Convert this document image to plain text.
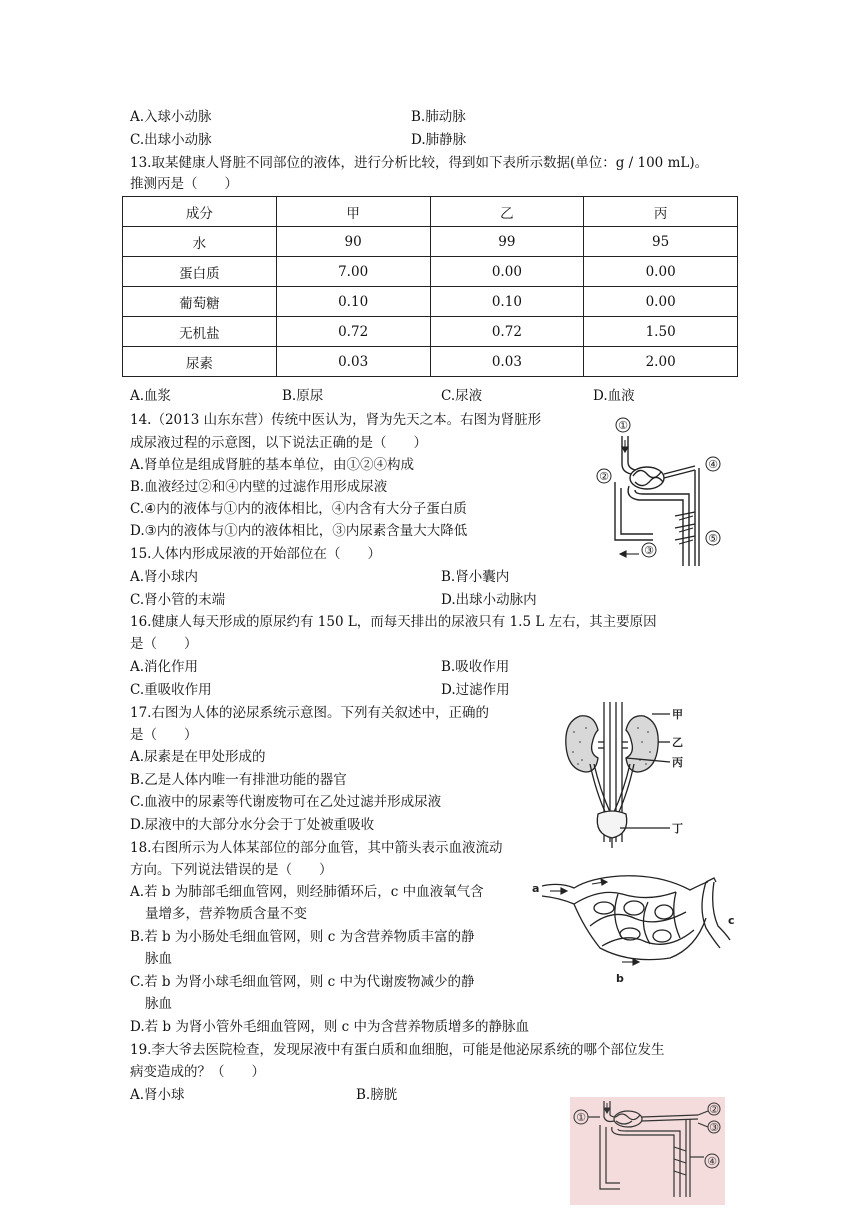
A.入球小动脉	B.肺动脉
C.出球小动脉	D.肺静脉
13.取某健康人肾脏不同部位的液体，进行分析比较，得到如下表所示数据(单位：g / 100 mL)。
推测丙是（　　）
成分	甲	乙	丙
水	90	99	95
蛋白质	7.00	0.00	0.00
葡萄糖	0.10	0.10	0.00
无机盐	0.72	0.72	1.50
尿素	0.03	0.03	2.00
A.血浆	B.原尿	C.尿液	D.血液
14.（2013 山东东营）传统中医认为，肾为先天之本。右图为肾脏形
成尿液过程的示意图，以下说法正确的是（　　）
A.肾单位是组成肾脏的基本单位，由①②④构成
B.血液经过②和④内壁的过滤作用形成尿液
C.④内的液体与①内的液体相比，④内含有大分子蛋白质
D.③内的液体与①内的液体相比，③内尿素含量大大降低
①
②
③
④
⑤
15.人体内形成尿液的开始部位在（　　）
A.肾小球内	B.肾小囊内
C.肾小管的末端	D.出球小动脉内
16.健康人每天形成的原尿约有 150 L，而每天排出的尿液只有 1.5 L 左右，其主要原因
是（　　）
A.消化作用	B.吸收作用
C.重吸收作用	D.过滤作用
17.右图为人体的泌尿系统示意图。下列有关叙述中，正确的
是（　　）
A.尿素是在甲处形成的
B.乙是人体内唯一有排泄功能的器官
C.血液中的尿素等代谢废物可在乙处过滤并形成尿液
D.尿液中的大部分水分会于丁处被重吸收
甲
乙
丙
丁
18.右图所示为人体某部位的部分血管，其中箭头表示血液流动
方向。下列说法错误的是（　　）
A.若 b 为肺部毛细血管网，则经肺循环后，c 中血液氧气含
量增多，营养物质含量不变
B.若 b 为小肠处毛细血管网，则 c 为含营养物质丰富的静
脉血
C.若 b 为肾小球毛细血管网，则 c 中为代谢废物减少的静
脉血
D.若 b 为肾小管外毛细血管网，则 c 中为含营养物质增多的静脉血
a
b
c
19.李大爷去医院检查，发现尿液中有蛋白质和血细胞，可能是他泌尿系统的哪个部位发生
病变造成的？（　　）
A.肾小球	B.膀胱
①
②
③
④
